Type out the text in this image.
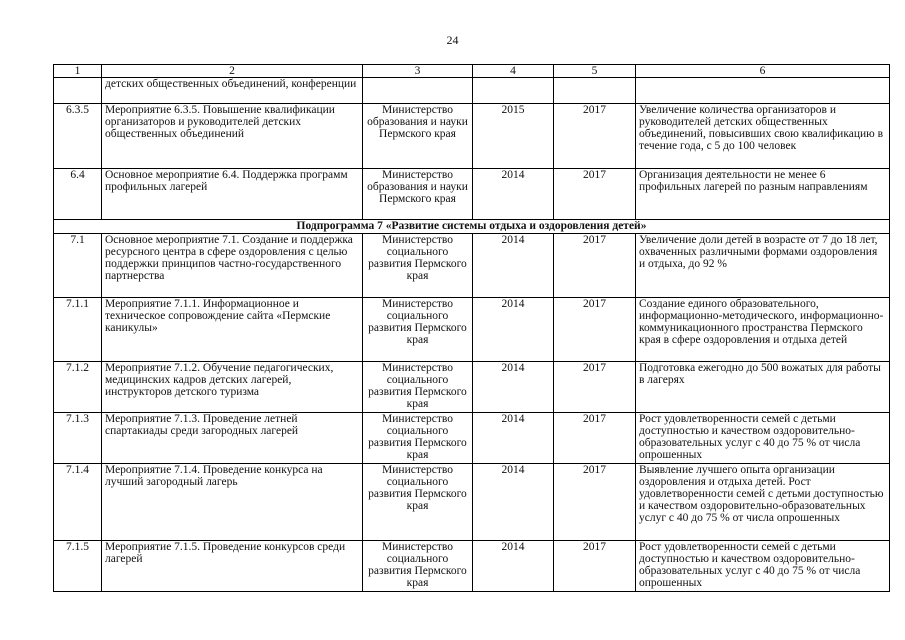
24
1	2	3	4	5	6
	детских общественных объединений, конференции				
6.3.5	Мероприятие 6.3.5. Повышение квалификации организаторов и руководителей детских общественных объединений	Министерство образования и науки Пермского края	2015	2017	Увеличение количества организаторов и руководителей детских общественных объединений, повысивших свою квалификацию в течение года, с 5 до 100 человек
6.4	Основное мероприятие 6.4. Поддержка программ профильных лагерей	Министерство образования и науки Пермского края	2014	2017	Организация деятельности не менее 6 профильных лагерей по разным направлениям
Подпрограмма 7 «Развитие системы отдыха и оздоровления детей»					
7.1	Основное мероприятие 7.1. Создание и поддержка ресурсного центра в сфере оздоровления с целью поддержки принципов частно-государственного партнерства	Министерство социального развития Пермского края	2014	2017	Увеличение доли детей в возрасте от 7 до 18 лет, охваченных различными формами оздоровления и отдыха, до 92 %
7.1.1	Мероприятие 7.1.1. Информационное и техническое сопровождение сайта «Пермские каникулы»	Министерство социального развития Пермского края	2014	2017	Создание единого образовательного, информационно-методического, информационно-коммуникационного пространства Пермского края в сфере оздоровления и отдыха детей
7.1.2	Мероприятие 7.1.2. Обучение педагогических, медицинских кадров детских лагерей, инструкторов детского туризма	Министерство социального развития Пермского края	2014	2017	Подготовка ежегодно до 500 вожатых для работы в лагерях
7.1.3	Мероприятие 7.1.3. Проведение летней спартакиады среди загородных лагерей	Министерство социального развития Пермского края	2014	2017	Рост удовлетворенности семей с детьми доступностью и качеством оздоровительно-образовательных услуг с 40 до 75 % от числа опрошенных
7.1.4	Мероприятие 7.1.4. Проведение конкурса на лучший загородный лагерь	Министерство социального развития Пермского края	2014	2017	Выявление лучшего опыта организации оздоровления и отдыха детей. Рост удовлетворенности семей с детьми доступностью и качеством оздоровительно-образовательных услуг с 40 до 75 % от числа опрошенных
7.1.5	Мероприятие 7.1.5. Проведение конкурсов среди лагерей	Министерство социального развития Пермского края	2014	2017	Рост удовлетворенности семей с детьми доступностью и качеством оздоровительно-образовательных услуг с 40 до 75 % от числа опрошенных
